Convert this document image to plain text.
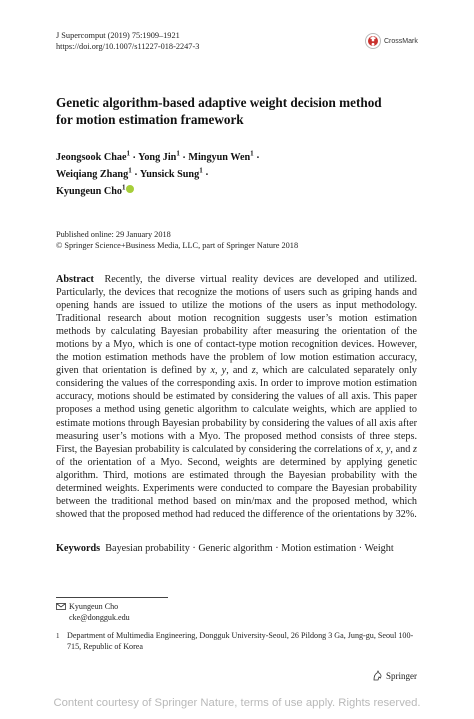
J Supercomput (2019) 75:1909–1921
https://doi.org/10.1007/s11227-018-2247-3
CrossMark
Genetic algorithm-based adaptive weight decision method for motion estimation framework
Jeongsook Chae$^1$ · Yong Jin$^1$ · Mingyun Wen$^1$ ·
Weiqiang Zhang$^1$ · Yunsick Sung$^1$ ·
Kyungeun Cho$^1$
Published online: 29 January 2018
© Springer Science+Business Media, LLC, part of Springer Nature 2018
Abstract Recently, the diverse virtual reality devices are developed and utilized. Particularly, the devices that recognize the motions of users such as griping hands and opening hands are issued to utilize the motions of the users as input methodology. Traditional research about motion recognition suggests user’s motion estimation methods by calculating Bayesian probability after measuring the orientation of the motions by a Myo, which is one of contact-type motion recognition devices. However, the motion estimation methods have the problem of low motion estimation accuracy, given that orientation is defined by x, y, and z, which are calculated separately only considering the values of the corresponding axis. In order to improve motion estimation accuracy, motions should be estimated by considering the values of all axis. This paper proposes a method using genetic algorithm to calculate weights, which are applied to estimate motions through Bayesian probability by considering the values of all axis after measuring user’s motions with a Myo. The proposed method consists of three steps. First, the Bayesian probability is calculated by considering the correlations of x, y, and z of the orientation of a Myo. Second, weights are determined by applying genetic algorithm. Third, motions are estimated through the Bayesian probability with the determined weights. Experiments were conducted to compare the Bayesian probability between the traditional method based on min/max and the proposed method, which showed that the proposed method had reduced the difference of the orientations by 32%.
Keywords Bayesian probability · Generic algorithm · Motion estimation · Weight
Kyungeun Cho
cke@dongguk.edu
1 Department of Multimedia Engineering, Dongguk University-Seoul, 26 Pildong 3 Ga, Jung-gu, Seoul 100-715, Republic of Korea
Springer
Content courtesy of Springer Nature, terms of use apply. Rights reserved.
